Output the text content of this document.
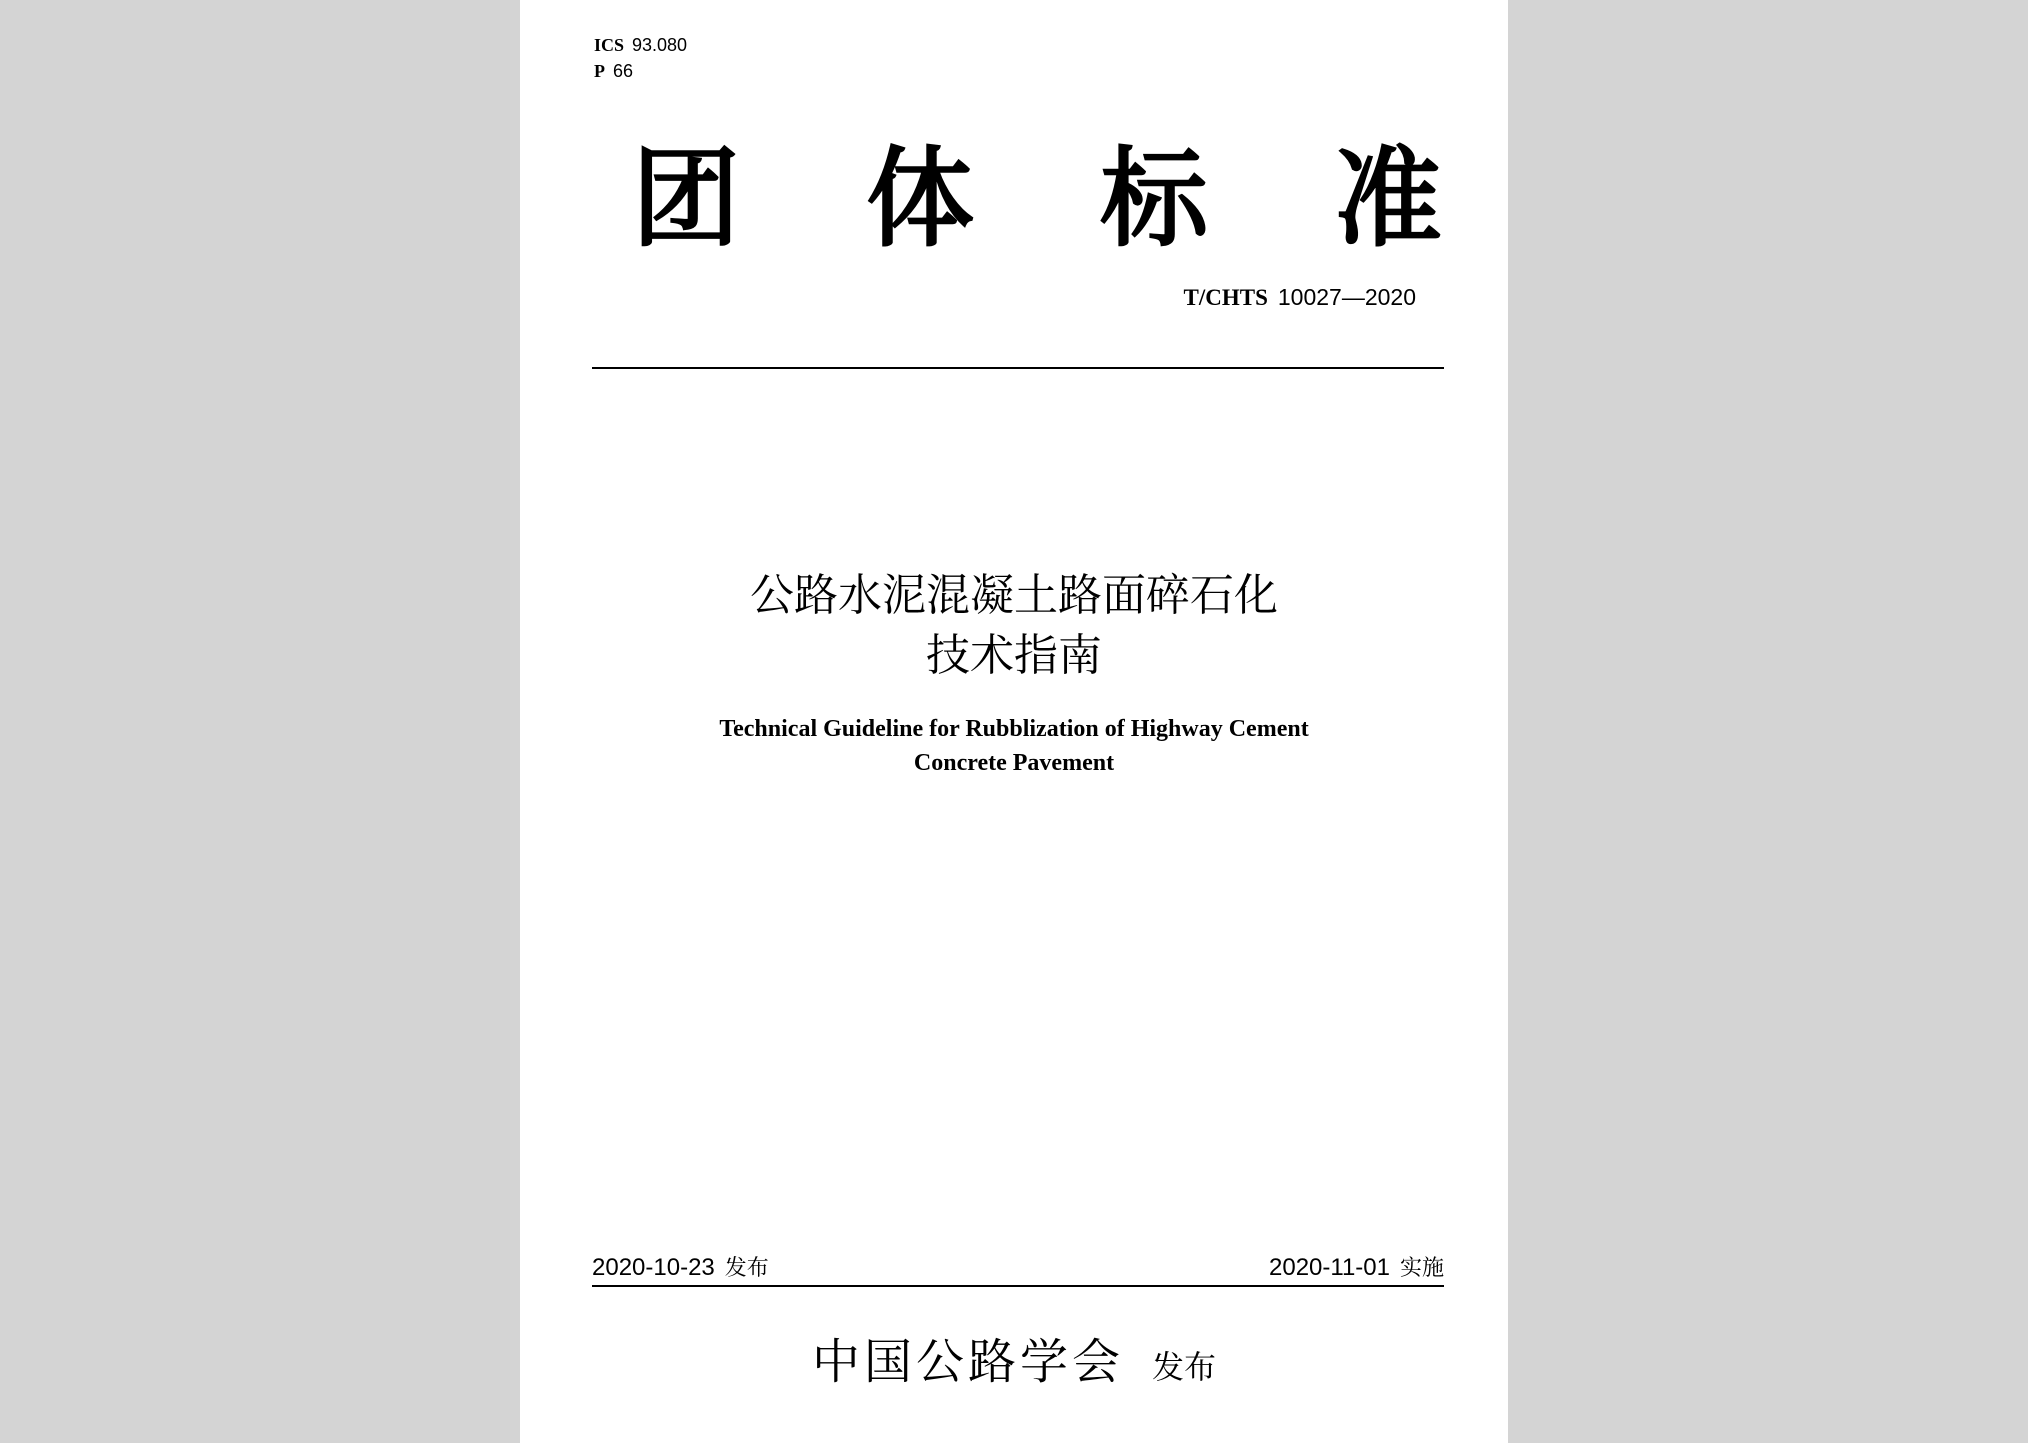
ICS 93.080
P 66
团 体 标 准
T/CHTS 10027—2020
公路水泥混凝土路面碎石化
技术指南
Technical Guideline for Rubblization of Highway Cement
Concrete Pavement
2020-10-23 发布	2020-11-01 实施
中国公路学会 发布
